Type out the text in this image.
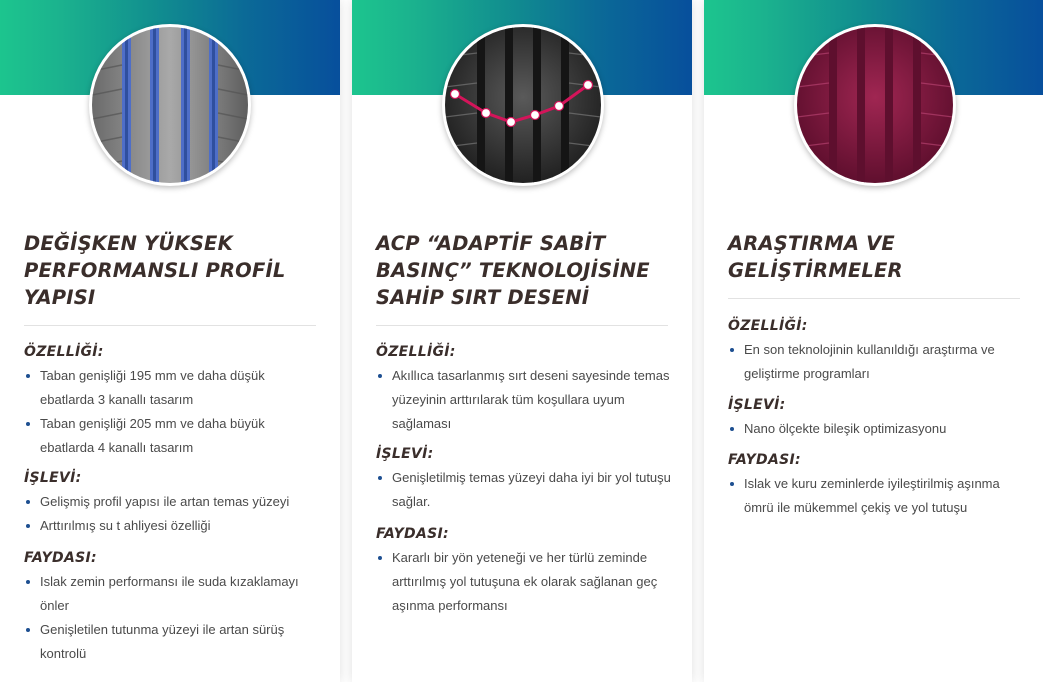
DEĞİŞKEN YÜKSEK
PERFORMANSLI PROFİL
YAPISI
ÖZELLİĞİ:
Taban genişliği 195 mm ve daha düşük ebatlarda 3 kanallı tasarım
Taban genişliği 205 mm ve daha büyük ebatlarda 4 kanallı tasarım
İŞLEVİ:
Gelişmiş profil yapısı ile artan temas yüzeyi
Arttırılmış su t ahliyesi özelliği
FAYDASI:
Islak zemin performansı ile suda kızaklamayı önler
Genişletilen tutunma yüzeyi ile artan sürüş kontrolü
ACP “ADAPTİF SABİT
BASINÇ” TEKNOLOJİSİNE
SAHİP SIRT DESENİ
ÖZELLİĞİ:
Akıllıca tasarlanmış sırt deseni sayesinde temas yüzeyinin arttırılarak tüm koşullara uyum sağlaması
İŞLEVİ:
Genişletilmiş temas yüzeyi daha iyi bir yol tutuşu sağlar.
FAYDASI:
Kararlı bir yön yeteneği ve her türlü zeminde arttırılmış yol tutuşuna ek olarak sağlanan geç aşınma performansı
ARAŞTIRMA VE
GELİŞTİRMELER
ÖZELLİĞİ:
En son teknolojinin kullanıldığı araştırma ve geliştirme programları
İŞLEVİ:
Nano ölçekte bileşik optimizasyonu
FAYDASI:
Islak ve kuru zeminlerde iyileştirilmiş aşınma ömrü ile mükemmel çekiş ve yol tutuşu
